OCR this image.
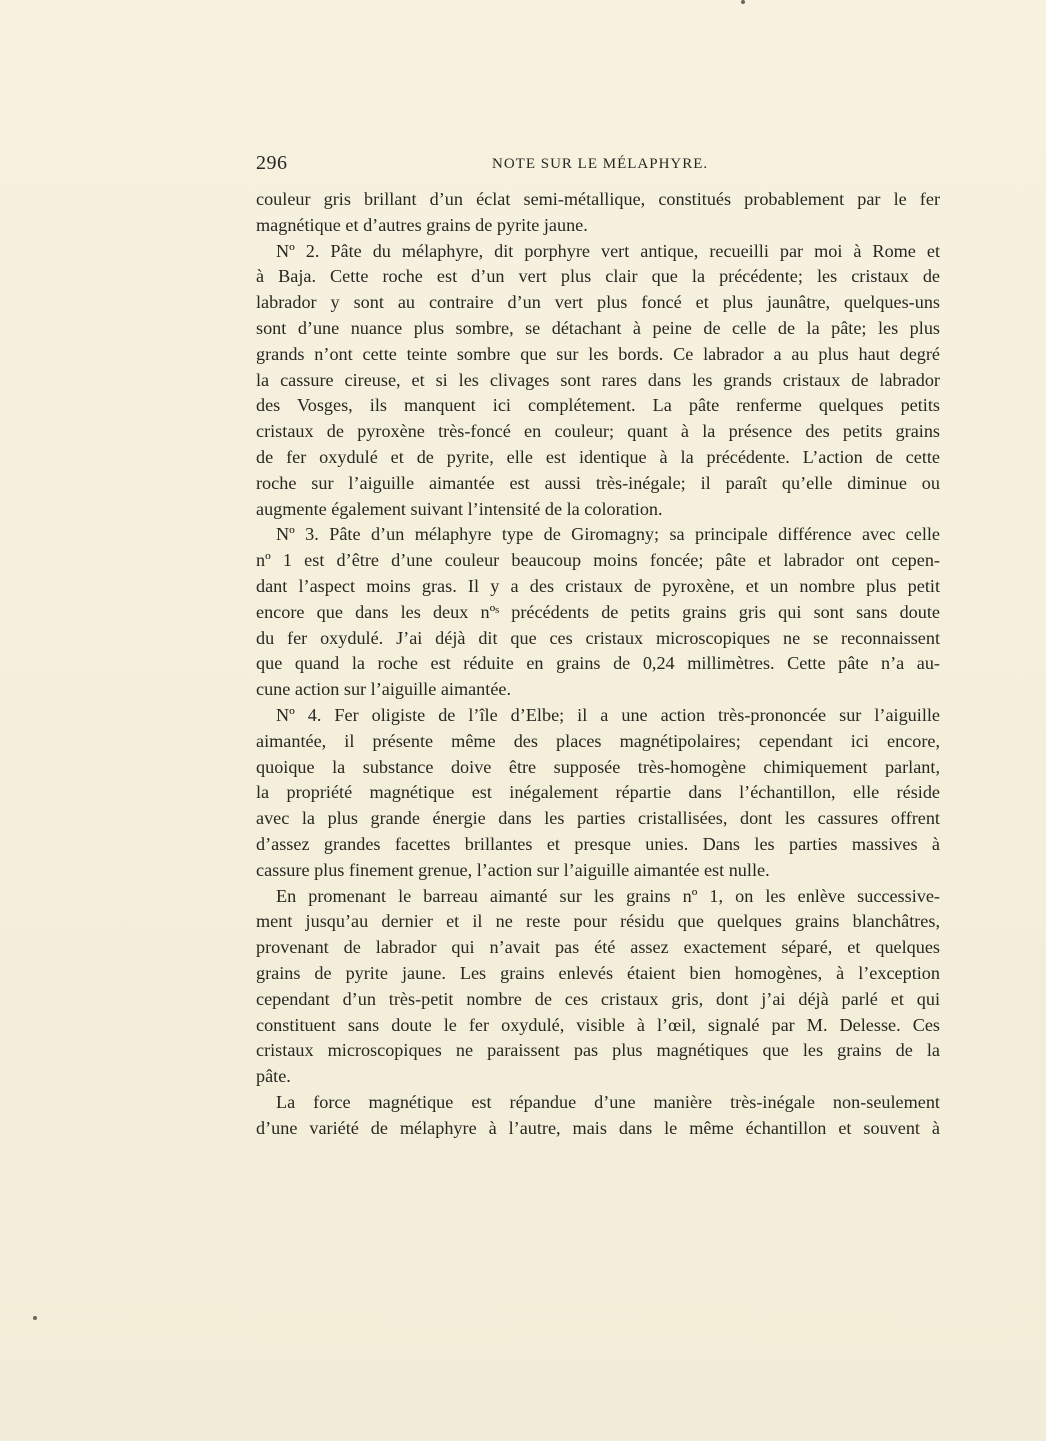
296	NOTE SUR LE MÉLAPHYRE.
couleur gris brillant d’un éclat semi-métallique, constitués probablement par le fer
magnétique et d’autres grains de pyrite jaune.
Nº 2. Pâte du mélaphyre, dit porphyre vert antique, recueilli par moi à Rome et
à Baja. Cette roche est d’un vert plus clair que la précédente; les cristaux de
labrador y sont au contraire d’un vert plus foncé et plus jaunâtre, quelques-uns
sont d’une nuance plus sombre, se détachant à peine de celle de la pâte; les plus
grands n’ont cette teinte sombre que sur les bords. Ce labrador a au plus haut degré
la cassure cireuse, et si les clivages sont rares dans les grands cristaux de labrador
des Vosges, ils manquent ici complétement. La pâte renferme quelques petits
cristaux de pyroxène très-foncé en couleur; quant à la présence des petits grains
de fer oxydulé et de pyrite, elle est identique à la précédente. L’action de cette
roche sur l’aiguille aimantée est aussi très-inégale; il paraît qu’elle diminue ou
augmente également suivant l’intensité de la coloration.
Nº 3. Pâte d’un mélaphyre type de Giromagny; sa principale différence avec celle
nº 1 est d’être d’une couleur beaucoup moins foncée; pâte et labrador ont cepen-
dant l’aspect moins gras. Il y a des cristaux de pyroxène, et un nombre plus petit
encore que dans les deux nºˢ précédents de petits grains gris qui sont sans doute
du fer oxydulé. J’ai déjà dit que ces cristaux microscopiques ne se reconnaissent
que quand la roche est réduite en grains de 0,24 millimètres. Cette pâte n’a au-
cune action sur l’aiguille aimantée.
Nº 4. Fer oligiste de l’île d’Elbe; il a une action très-prononcée sur l’aiguille
aimantée, il présente même des places magnétipolaires; cependant ici encore,
quoique la substance doive être supposée très-homogène chimiquement parlant,
la propriété magnétique est inégalement répartie dans l’échantillon, elle réside
avec la plus grande énergie dans les parties cristallisées, dont les cassures offrent
d’assez grandes facettes brillantes et presque unies. Dans les parties massives à
cassure plus finement grenue, l’action sur l’aiguille aimantée est nulle.
En promenant le barreau aimanté sur les grains nº 1, on les enlève successive-
ment jusqu’au dernier et il ne reste pour résidu que quelques grains blanchâtres,
provenant de labrador qui n’avait pas été assez exactement séparé, et quelques
grains de pyrite jaune. Les grains enlevés étaient bien homogènes, à l’exception
cependant d’un très-petit nombre de ces cristaux gris, dont j’ai déjà parlé et qui
constituent sans doute le fer oxydulé, visible à l’œil, signalé par M. Delesse. Ces
cristaux microscopiques ne paraissent pas plus magnétiques que les grains de la
pâte.
La force magnétique est répandue d’une manière très-inégale non-seulement
d’une variété de mélaphyre à l’autre, mais dans le même échantillon et souvent à
